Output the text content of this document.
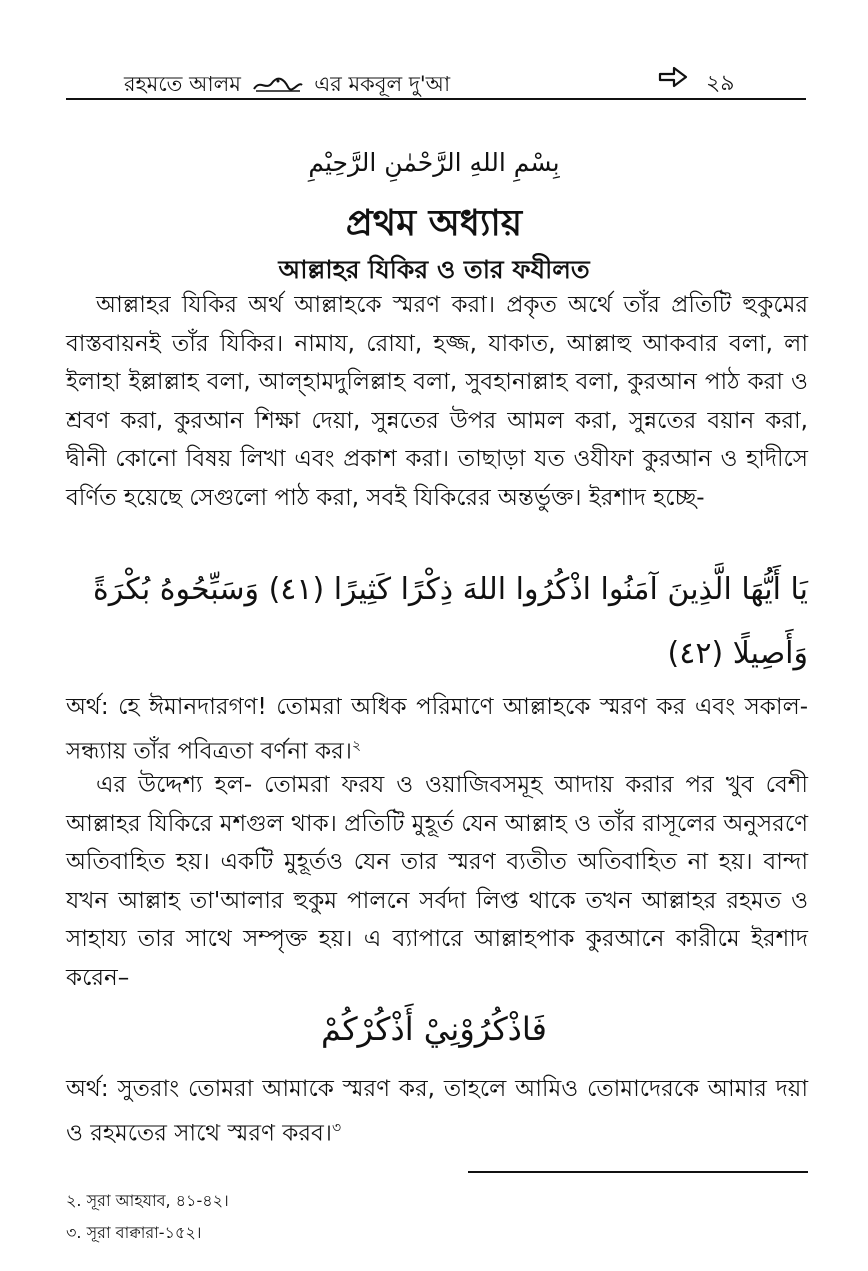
রহমতে আলম	এর মকবূল দু'আ	২৯
بِسْمِ اللهِ الرَّحْمٰنِ الرَّحِيْمِ
প্রথম অধ্যায়
আল্লাহর যিকির ও তার ফযীলত
আল্লাহর যিকির অর্থ আল্লাহকে স্মরণ করা। প্রকৃত অর্থে তাঁর প্রতিটি হুকুমের বাস্তবায়নই তাঁর যিকির। নামায, রোযা, হজ্জ, যাকাত, আল্লাহু আকবার বলা, লা ইলাহা ইল্লাল্লাহ বলা, আল্‌হামদুলিল্লাহ বলা, সুবহানাল্লাহ বলা, কুরআন পাঠ করা ও শ্রবণ করা, কুরআন শিক্ষা দেয়া, সুন্নতের উপর আমল করা, সুন্নতের বয়ান করা, দ্বীনী কোনো বিষয় লিখা এবং প্রকাশ করা। তাছাড়া যত ওযীফা কুরআন ও হাদীসে বর্ণিত হয়েছে সেগুলো পাঠ করা, সবই যিকিরের অন্তর্ভুক্ত। ইরশাদ হচ্ছে-
يَا أَيُّهَا الَّذِينَ آمَنُوا اذْكُرُوا اللهَ ذِكْرًا كَثِيرًا (٤١) وَسَبِّحُوهُ بُكْرَةً
وَأَصِيلًا (٤٢)
অর্থ: হে ঈমানদারগণ! তোমরা অধিক পরিমাণে আল্লাহকে স্মরণ কর এবং সকাল-সন্ধ্যায় তাঁর পবিত্রতা বর্ণনা কর।$^২$
এর উদ্দেশ্য হল- তোমরা ফরয ও ওয়াজিবসমূহ আদায় করার পর খুব বেশী আল্লাহর যিকিরে মশগুল থাক। প্রতিটি মুহূর্ত যেন আল্লাহ ও তাঁর রাসূলের অনুসরণে অতিবাহিত হয়। একটি মুহূর্তও যেন তার স্মরণ ব্যতীত অতিবাহিত না হয়। বান্দা যখন আল্লাহ তা'আলার হুকুম পালনে সর্বদা লিপ্ত থাকে তখন আল্লাহর রহমত ও সাহায্য তার সাথে সম্পৃক্ত হয়। এ ব্যাপারে আল্লাহপাক কুরআনে কারীমে ইরশাদ করেন–
فَاذْكُرُوْنِيْ أَذْكُرْكُمْ
অর্থ: সুতরাং তোমরা আমাকে স্মরণ কর, তাহলে আমিও তোমাদেরকে আমার দয়া ও রহমতের সাথে স্মরণ করব।$^৩$
২. সূরা আহযাব, ৪১-৪২।
৩. সূরা বাক্বারা-১৫২।
